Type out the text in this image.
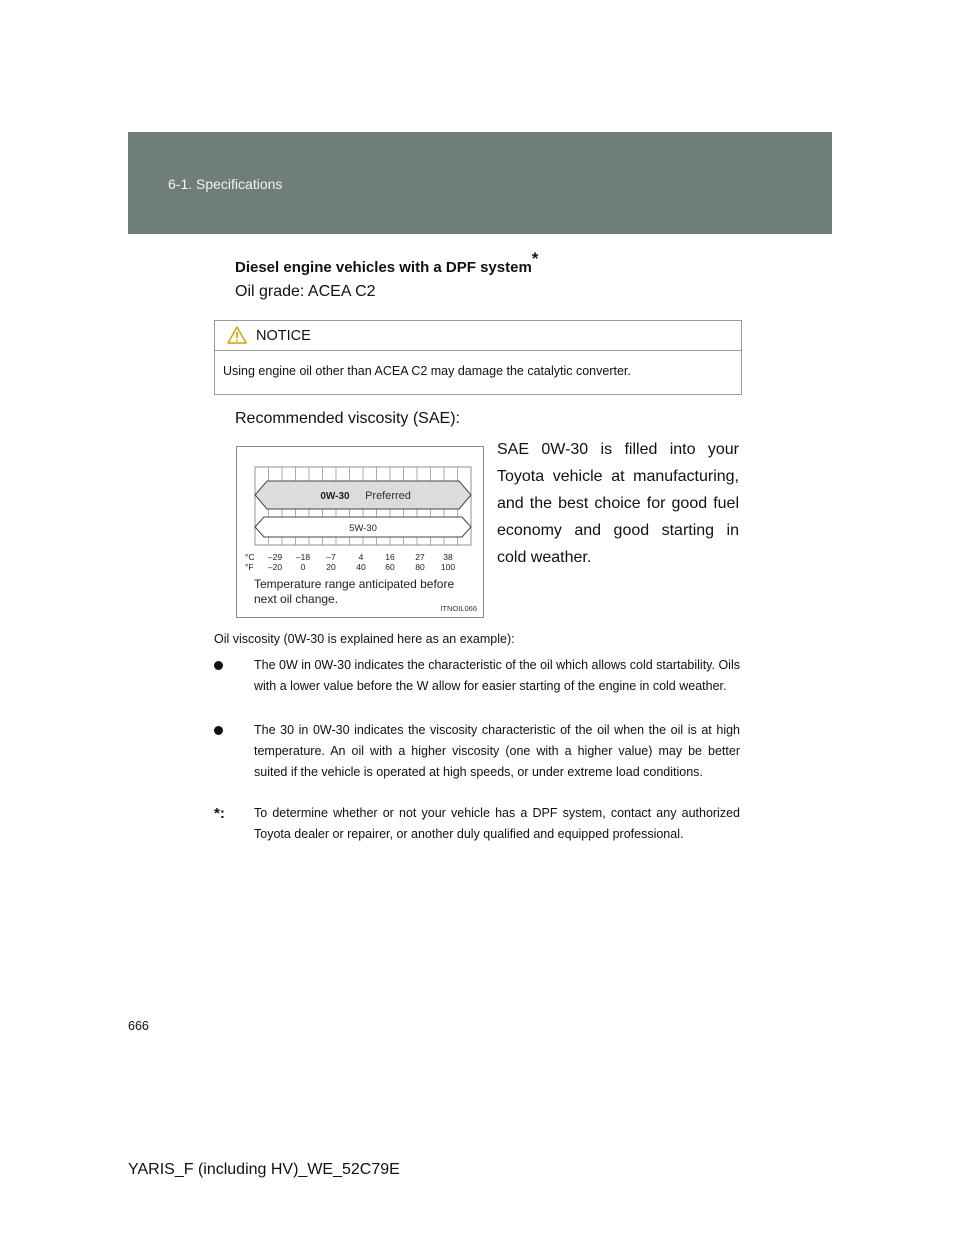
6-1. Specifications
Diesel engine vehicles with a DPF system*
Oil grade: ACEA C2
NOTICE
Using engine oil other than ACEA C2 may damage the catalytic converter.
Recommended viscosity (SAE):
0W-30 Preferred
5W-30
°C
°F
–29 –18 –7	4	16 27 38
–20 0 20 40 60 80 100
Temperature range anticipated before
next oil change.
ITNOIL066
SAE 0W-30 is filled into your Toyota vehicle at manufacturing, and the best choice for good fuel economy and good starting in cold weather.
Oil viscosity (0W-30 is explained here as an example):
The 0W in 0W-30 indicates the characteristic of the oil which allows cold startability. Oils with a lower value before the W allow for easier starting of the engine in cold weather.
The 30 in 0W-30 indicates the viscosity characteristic of the oil when the oil is at high temperature. An oil with a higher viscosity (one with a higher value) may be better suited if the vehicle is operated at high speeds, or under extreme load conditions.
*: To determine whether or not your vehicle has a DPF system, contact any authorized Toyota dealer or repairer, or another duly qualified and equipped professional.
666
YARIS_F (including HV)_WE_52C79E
